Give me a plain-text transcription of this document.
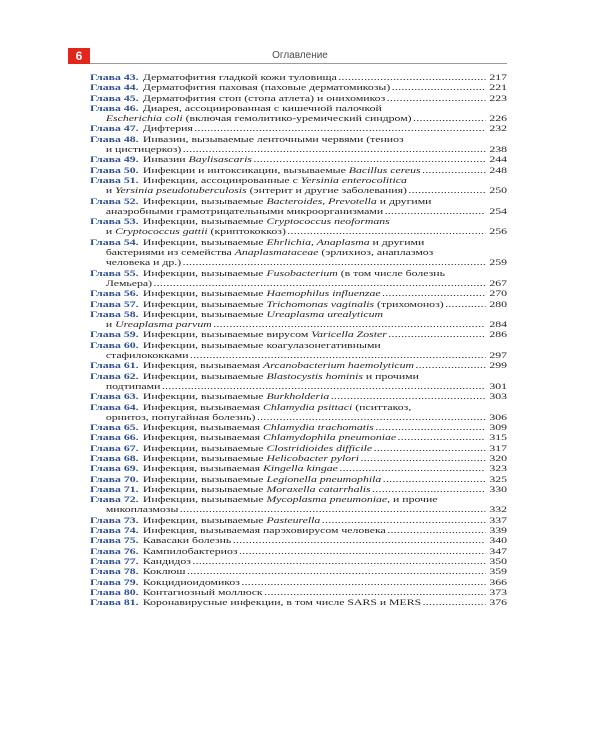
6	Оглавление
Глава 43. Дерматофития гладкой кожи туловища .....	217
Глава 44. Дерматофития паховая (паховые дерматомикозы) .....	221
Глава 45. Дерматофития стоп (стопа атлета) и онихомикоз .....	223
Глава 46. Диарея, ассоциированная с кишечной палочкой
Escherichia coli (включая гемолитико-уремический синдром) .....	226
Глава 47. Дифтерия .....	232
Глава 48. Инвазии, вызываемые ленточными червями (тениоз
и цистицеркоз) .....	238
Глава 49. Инвазии Baylisascaris .....	244
Глава 50. Инфекции и интоксикации, вызываемые Bacillus cereus .....	248
Глава 51. Инфекции, ассоциированные с Yersinia enterocolitica
и Yersinia pseudotuberculosis (энтерит и другие заболевания) .....	250
Глава 52. Инфекции, вызываемые Bacteroides, Prevotella и другими
анаэробными грамотрицательными микроорганизмами .....	254
Глава 53. Инфекции, вызываемые Cryptococcus neoformans
и Cryptococcus gattii (криптококкоз) .....	256
Глава 54. Инфекции, вызываемые Ehrlichia, Anaplasma и другими
бактериями из семейства Anaplasmataceae (эрлихиоз, анаплазмоз
человека и др.) .....	259
Глава 55. Инфекции, вызываемые Fusobacterium (в том числе болезнь
Лемьера) .....	267
Глава 56. Инфекции, вызываемые Haemophilus influenzae .....	270
Глава 57. Инфекции, вызываемые Trichomonas vaginalis (трихомоноз) .....	280
Глава 58. Инфекции, вызываемые Ureaplasma urealyticum
и Ureaplasma parvum .....	284
Глава 59. Инфекции, вызываемые вирусом Varicella Zoster .....	286
Глава 60. Инфекции, вызываемые коагулазонегативными
стафилококками .....	297
Глава 61. Инфекция, вызываемая Arcanobacterium haemolyticum .....	299
Глава 62. Инфекции, вызываемые Blastocystis hominis и прочими
подтипами .....	301
Глава 63. Инфекции, вызываемые Burkholderia .....	303
Глава 64. Инфекция, вызываемая Chlamydia psittaci (пситтакоз,
орнитоз, попугайная болезнь) .....	306
Глава 65. Инфекция, вызываемая Chlamydia trachomatis .....	309
Глава 66. Инфекция, вызываемая Chlamydophila pneumoniae .....	315
Глава 67. Инфекции, вызываемые Clostridioides difficile .....	317
Глава 68. Инфекции, вызываемые Helicobacter pylori .....	320
Глава 69. Инфекция, вызываемая Kingella kingae .....	323
Глава 70. Инфекции, вызываемые Legionella pneumophila .....	325
Глава 71. Инфекции, вызываемые Moraxella catarrhalis .....	330
Глава 72. Инфекции, вызываемые Mycoplasma pneumoniae , и прочие
микоплазмозы .....	332
Глава 73. Инфекции, вызываемые Pasteurella .....	337
Глава 74. Инфекция, вызываемая парэховирусом человека .....	339
Глава 75. Кавасаки болезнь .....	340
Глава 76. Кампилобактериоз .....	347
Глава 77. Кандидоз .....	350
Глава 78. Коклюш .....	359
Глава 79. Кокцидиоидомикоз .....	366
Глава 80. Контагиозный моллюск .....	373
Глава 81. Коронавирусные инфекции, в том числе SARS и MERS .....	376
